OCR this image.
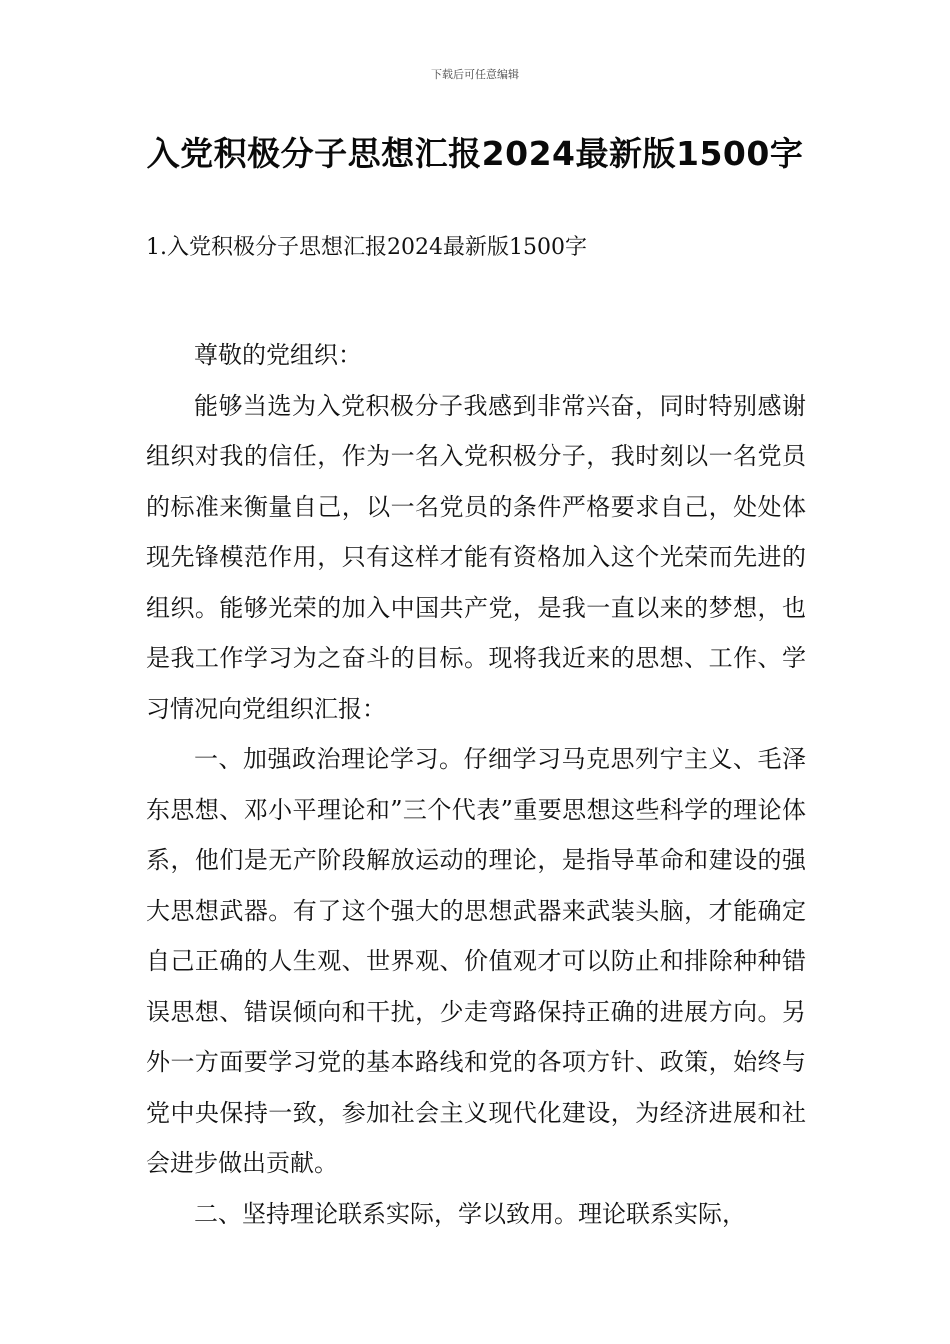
下载后可任意编辑
入党积极分子思想汇报2024最新版1500字

1.入党积极分子思想汇报2024最新版1500字

尊敬的党组织：

能够当选为入党积极分子我感到非常兴奋，同时特别感谢组织对我的信任，作为一名入党积极分子，我时刻以一名党员的标准来衡量自己，以一名党员的条件严格要求自己，处处体现先锋模范作用，只有这样才能有资格加入这个光荣而先进的组织。能够光荣的加入中国共产党，是我一直以来的梦想，也是我工作学习为之奋斗的目标。现将我近来的思想、工作、学习情况向党组织汇报：

一、加强政治理论学习。仔细学习马克思列宁主义、毛泽东思想、邓小平理论和”三个代表”重要思想这些科学的理论体系，他们是无产阶段解放运动的理论，是指导革命和建设的强大思想武器。有了这个强大的思想武器来武装头脑，才能确定自己正确的人生观、世界观、价值观才可以防止和排除种种错误思想、错误倾向和干扰，少走弯路保持正确的进展方向。另外一方面要学习党的基本路线和党的各项方针、政策，始终与党中央保持一致，参加社会主义现代化建设，为经济进展和社会进步做出贡献。

二、坚持理论联系实际，学以致用。理论联系实际，
